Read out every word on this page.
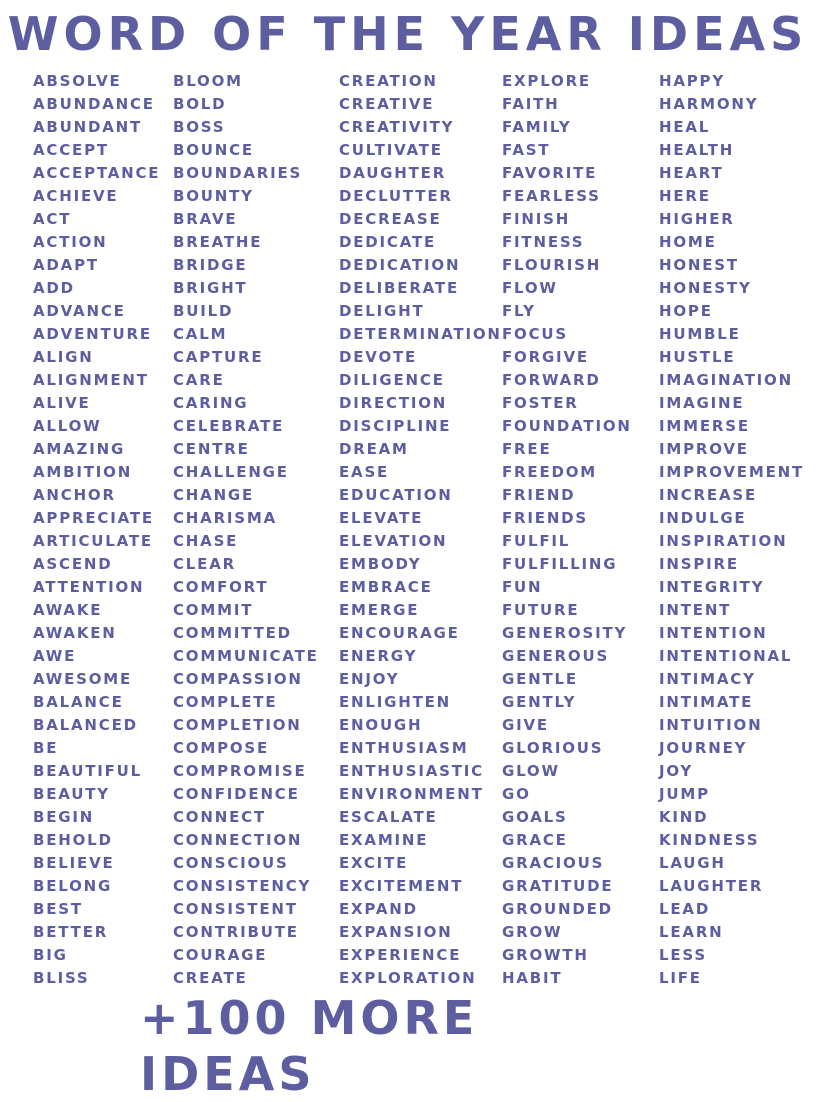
WORD OF THE YEAR IDEAS
ABSOLVE
ABUNDANCE
ABUNDANT
ACCEPT
ACCEPTANCE
ACHIEVE
ACT
ACTION
ADAPT
ADD
ADVANCE
ADVENTURE
ALIGN
ALIGNMENT
ALIVE
ALLOW
AMAZING
AMBITION
ANCHOR
APPRECIATE
ARTICULATE
ASCEND
ATTENTION
AWAKE
AWAKEN
AWE
AWESOME
BALANCE
BALANCED
BE
BEAUTIFUL
BEAUTY
BEGIN
BEHOLD
BELIEVE
BELONG
BEST
BETTER
BIG
BLISS
BLOOM
BOLD
BOSS
BOUNCE
BOUNDARIES
BOUNTY
BRAVE
BREATHE
BRIDGE
BRIGHT
BUILD
CALM
CAPTURE
CARE
CARING
CELEBRATE
CENTRE
CHALLENGE
CHANGE
CHARISMA
CHASE
CLEAR
COMFORT
COMMIT
COMMITTED
COMMUNICATE
COMPASSION
COMPLETE
COMPLETION
COMPOSE
COMPROMISE
CONFIDENCE
CONNECT
CONNECTION
CONSCIOUS
CONSISTENCY
CONSISTENT
CONTRIBUTE
COURAGE
CREATE
CREATION
CREATIVE
CREATIVITY
CULTIVATE
DAUGHTER
DECLUTTER
DECREASE
DEDICATE
DEDICATION
DELIBERATE
DELIGHT
DETERMINATION
DEVOTE
DILIGENCE
DIRECTION
DISCIPLINE
DREAM
EASE
EDUCATION
ELEVATE
ELEVATION
EMBODY
EMBRACE
EMERGE
ENCOURAGE
ENERGY
ENJOY
ENLIGHTEN
ENOUGH
ENTHUSIASM
ENTHUSIASTIC
ENVIRONMENT
ESCALATE
EXAMINE
EXCITE
EXCITEMENT
EXPAND
EXPANSION
EXPERIENCE
EXPLORATION
EXPLORE
FAITH
FAMILY
FAST
FAVORITE
FEARLESS
FINISH
FITNESS
FLOURISH
FLOW
FLY
FOCUS
FORGIVE
FORWARD
FOSTER
FOUNDATION
FREE
FREEDOM
FRIEND
FRIENDS
FULFIL
FULFILLING
FUN
FUTURE
GENEROSITY
GENEROUS
GENTLE
GENTLY
GIVE
GLORIOUS
GLOW
GO
GOALS
GRACE
GRACIOUS
GRATITUDE
GROUNDED
GROW
GROWTH
HABIT
HAPPY
HARMONY
HEAL
HEALTH
HEART
HERE
HIGHER
HOME
HONEST
HONESTY
HOPE
HUMBLE
HUSTLE
IMAGINATION
IMAGINE
IMMERSE
IMPROVE
IMPROVEMENT
INCREASE
INDULGE
INSPIRATION
INSPIRE
INTEGRITY
INTENT
INTENTION
INTENTIONAL
INTIMACY
INTIMATE
INTUITION
JOURNEY
JOY
JUMP
KIND
KINDNESS
LAUGH
LAUGHTER
LEAD
LEARN
LESS
LIFE
+100 MORE IDEAS
